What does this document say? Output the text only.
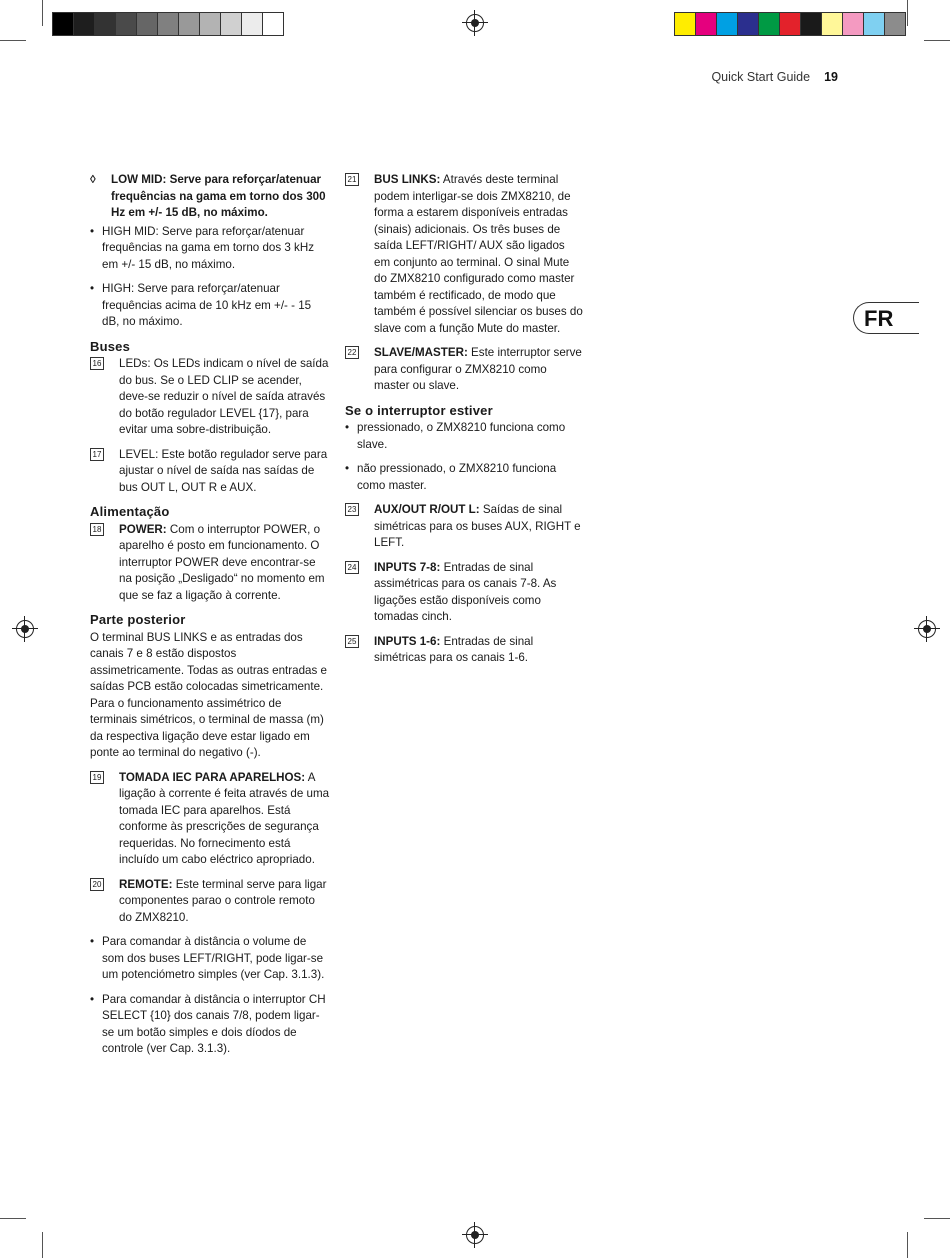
Quick Start Guide 19
FR
◊ LOW MID: Serve para reforçar/atenuar frequências na gama em torno dos 300 Hz em +/- 15 dB, no máximo.
• HIGH MID: Serve para reforçar/atenuar frequências na gama em torno dos 3 kHz em +/- 15 dB, no máximo.
• HIGH: Serve para reforçar/atenuar frequências acima de 10 kHz em +/- - 15 dB, no máximo.
Buses
16 LEDs: Os LEDs indicam o nível de saída do bus. Se o LED CLIP se acender, deve-se reduzir o nível de saída através do botão regulador LEVEL {17}, para evitar uma sobre-distribuição.
17 LEVEL: Este botão regulador serve para ajustar o nível de saída nas saídas de bus OUT L, OUT R e AUX.
Alimentação
18 POWER: Com o interruptor POWER, o aparelho é posto em funcionamento. O interruptor POWER deve encontrar-se na posição „Desligado“ no momento em que se faz a ligação à corrente.
Parte posterior

O terminal BUS LINKS e as entradas dos canais 7 e 8 estão dispostos assimetricamente. Todas as outras entradas e saídas PCB estão colocadas simetricamente. Para o funcionamento assimétrico de terminais simétricos, o terminal de massa (m) da respectiva ligação deve estar ligado em ponte ao terminal do negativo (-).

19 TOMADA IEC PARA APARELHOS: A ligação à corrente é feita através de uma tomada IEC para aparelhos. Está conforme às prescrições de segurança requeridas. No fornecimento está incluído um cabo eléctrico apropriado.
20 REMOTE: Este terminal serve para ligar componentes parao o controle remoto do ZMX8210.
• Para comandar à distância o volume de som dos buses LEFT/RIGHT, pode ligar-se um potenciómetro simples (ver Cap. 3.1.3).
• Para comandar à distância o interruptor CH SELECT {10} dos canais 7/8, podem ligar-se um botão simples e dois díodos de controle (ver Cap. 3.1.3).
21 BUS LINKS: Através deste terminal podem interligar-se dois ZMX8210, de forma a estarem disponíveis entradas (sinais) adicionais. Os três buses de saída LEFT/RIGHT/ AUX são ligados em conjunto ao terminal. O sinal Mute do ZMX8210 configurado como master também é rectificado, de modo que também é possível silenciar os buses do slave com a função Mute do master.
22 SLAVE/MASTER: Este interruptor serve para configurar o ZMX8210 como master ou slave.
Se o interruptor estiver
• pressionado, o ZMX8210 funciona como slave.
• não pressionado, o ZMX8210 funciona como master.
23 AUX/OUT R/OUT L: Saídas de sinal simétricas para os buses AUX, RIGHT e LEFT.
24 INPUTS 7-8: Entradas de sinal assimétricas para os canais 7-8. As ligações estão disponíveis como tomadas cinch.
25 INPUTS 1-6: Entradas de sinal simétricas para os canais 1-6.
